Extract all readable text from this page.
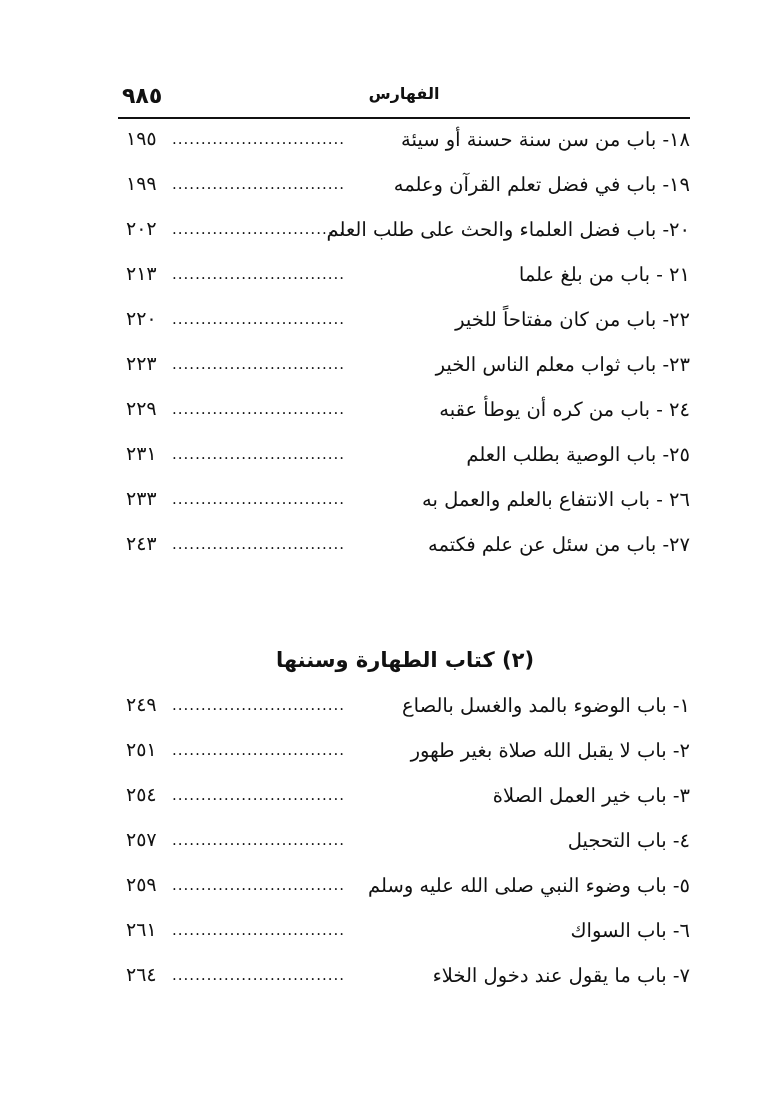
٩٨٥	الفهارس
١٨- باب من سن سنة حسنة أو سيئة
..............................
١٩٥
١٩- باب في فضل تعلم القرآن وعلمه
..............................
١٩٩
٢٠- باب فضل العلماء والحث على طلب العلم
..............................
٢٠٢
٢١ - باب من بلغ علما
..............................
٢١٣
٢٢- باب من كان مفتاحاً للخير
..............................
٢٢٠
٢٣- باب ثواب معلم الناس الخير
..............................
٢٢٣
٢٤ - باب من كره أن يوطأ عقبه
..............................
٢٢٩
٢٥- باب الوصية بطلب العلم
..............................
٢٣١
٢٦ - باب الانتفاع بالعلم والعمل به
..............................
٢٣٣
٢٧- باب من سئل عن علم فكتمه
..............................
٢٤٣
(٢) كتاب الطهارة وسننها
١- باب الوضوء بالمد والغسل بالصاع
..............................
٢٤٩
٢- باب لا يقبل الله صلاة بغير طهور
..............................
٢٥١
٣- باب خير العمل الصلاة
..............................
٢٥٤
٤- باب التحجيل
..............................
٢٥٧
٥- باب وضوء النبي صلى الله عليه وسلم
..............................
٢٥٩
٦- باب السواك
..............................
٢٦١
٧- باب ما يقول عند دخول الخلاء
..............................
٢٦٤
